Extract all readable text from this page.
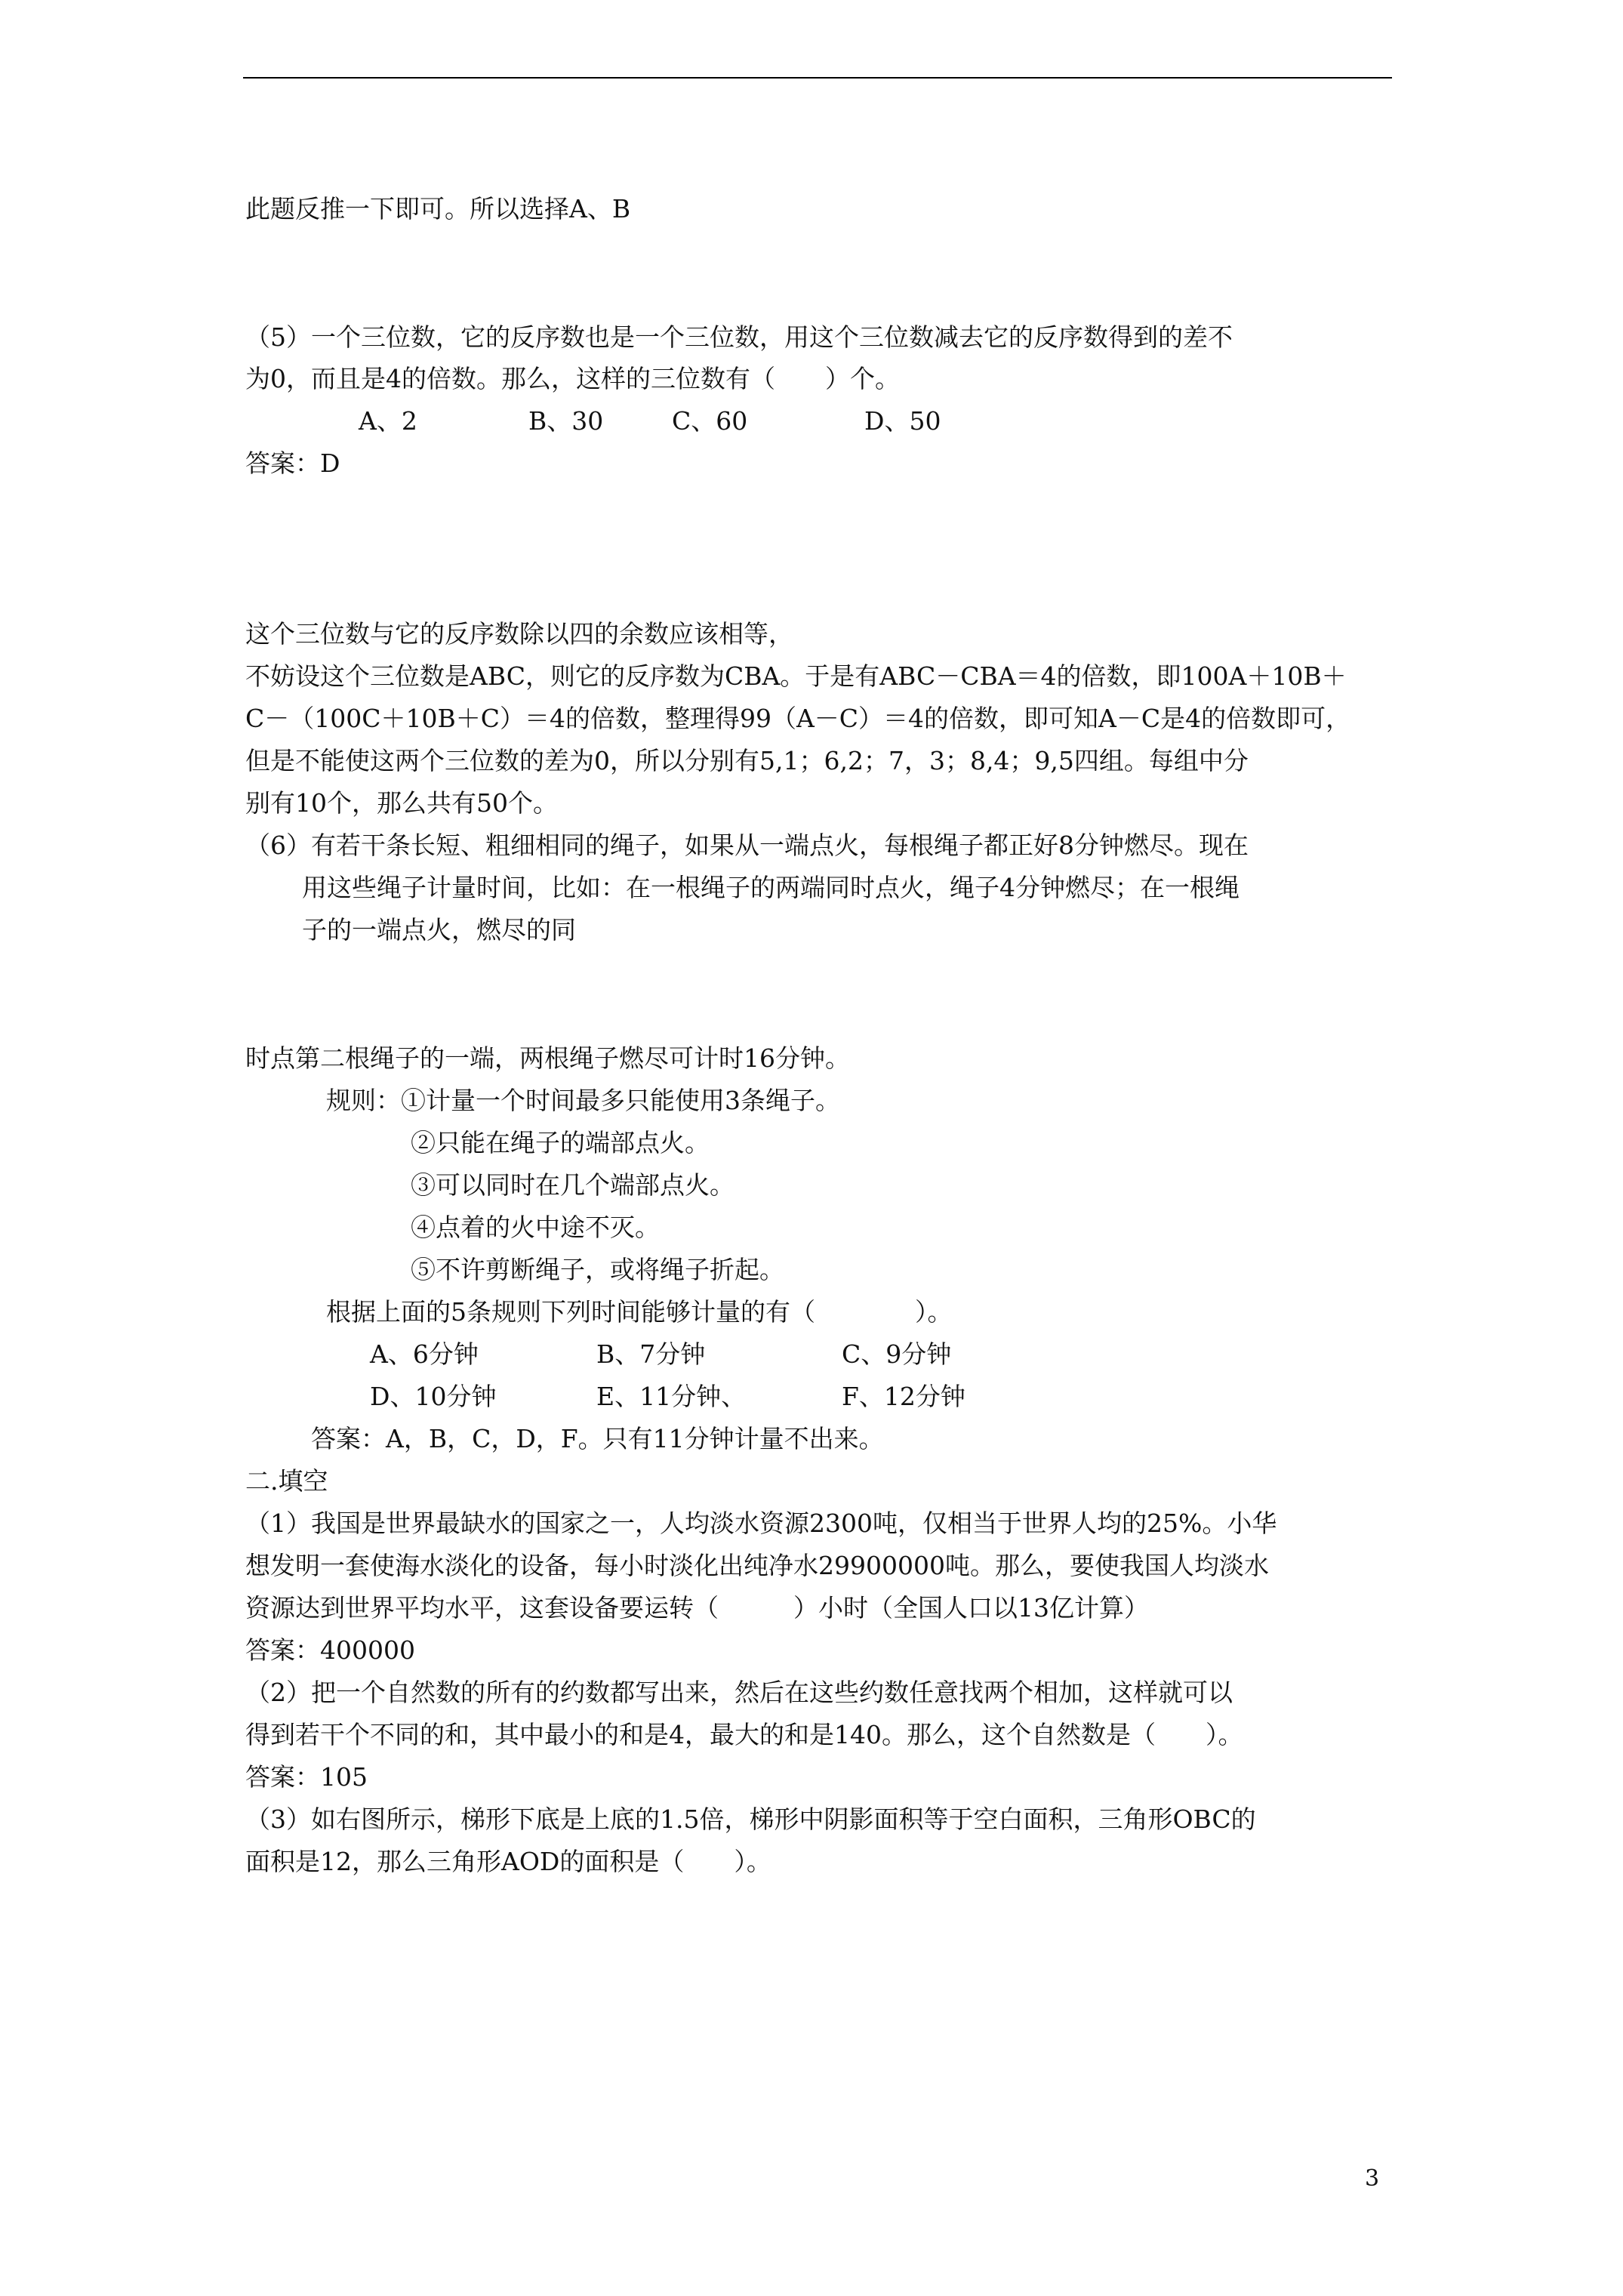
此题反推一下即可。所以选择A、B
（5）一个三位数，它的反序数也是一个三位数，用这个三位数减去它的反序数得到的差不
为0，而且是4的倍数。那么，这样的三位数有（　　）个。
答案：D
这个三位数与它的反序数除以四的余数应该相等，
不妨设这个三位数是ABC，则它的反序数为CBA。于是有ABC－CBA＝4的倍数，即100A＋10B＋
C－（100C＋10B＋C）＝4的倍数，整理得99（A－C）＝4的倍数，即可知A－C是4的倍数即可，
但是不能使这两个三位数的差为0，所以分别有5,1；6,2；7，3；8,4；9,5四组。每组中分
别有10个，那么共有50个。
（6）有若干条长短、粗细相同的绳子，如果从一端点火，每根绳子都正好8分钟燃尽。现在
用这些绳子计量时间，比如：在一根绳子的两端同时点火，绳子4分钟燃尽；在一根绳
子的一端点火，燃尽的同
时点第二根绳子的一端，两根绳子燃尽可计时16分钟。
规则：①计量一个时间最多只能使用3条绳子。
②只能在绳子的端部点火。
③可以同时在几个端部点火。
④点着的火中途不灭。
⑤不许剪断绳子，或将绳子折起。
根据上面的5条规则下列时间能够计量的有（　　　　）。
答案：A，B，C，D，F。只有11分钟计量不出来。
二.填空
（1）我国是世界最缺水的国家之一，人均淡水资源2300吨，仅相当于世界人均的25%。小华
想发明一套使海水淡化的设备，每小时淡化出纯净水29900000吨。那么，要使我国人均淡水
资源达到世界平均水平，这套设备要运转（　　　）小时（全国人口以13亿计算）
答案：400000
（2）把一个自然数的所有的约数都写出来，然后在这些约数任意找两个相加，这样就可以
得到若干个不同的和，其中最小的和是4，最大的和是140。那么，这个自然数是（　　）。
答案：105
（3）如右图所示，梯形下底是上底的1.5倍，梯形中阴影面积等于空白面积，三角形OBC的
面积是12，那么三角形AOD的面积是（　　）。
A、2	B、30	C、60	D、50
A、6分钟	B、7分钟	C、9分钟
D、10分钟	E、11分钟、	F、12分钟
3
